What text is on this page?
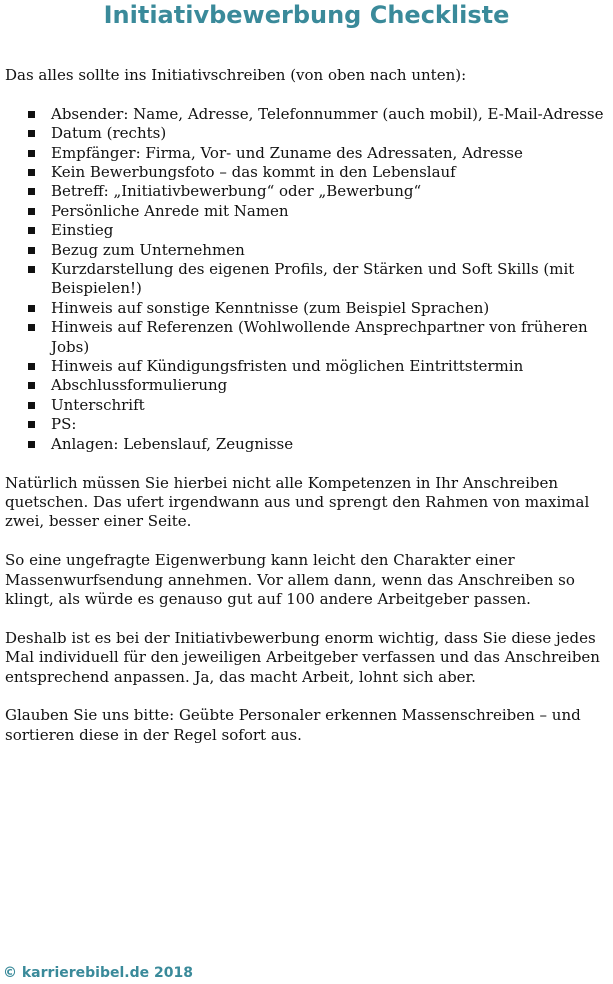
Initiativbewerbung Checkliste

Das alles sollte ins Initiativschreiben (von oben nach unten):

Absender: Name, Adresse, Telefonnummer (auch mobil), E-Mail-Adresse
Datum (rechts)
Empfänger: Firma, Vor- und Zuname des Adressaten, Adresse
Kein Bewerbungsfoto – das kommt in den Lebenslauf
Betreff: „Initiativbewerbung“ oder „Bewerbung“
Persönliche Anrede mit Namen
Einstieg
Bezug zum Unternehmen
Kurzdarstellung des eigenen Profils, der Stärken und Soft Skills (mit Beispielen!)
Hinweis auf sonstige Kenntnisse (zum Beispiel Sprachen)
Hinweis auf Referenzen (Wohlwollende Ansprechpartner von früheren Jobs)
Hinweis auf Kündigungsfristen und möglichen Eintrittstermin
Abschlussformulierung
Unterschrift
PS:
Anlagen: Lebenslauf, Zeugnisse

Natürlich müssen Sie hierbei nicht alle Kompetenzen in Ihr Anschreiben quetschen. Das ufert irgendwann aus und sprengt den Rahmen von maximal zwei, besser einer Seite.

So eine ungefragte Eigenwerbung kann leicht den Charakter einer Massenwurfsendung annehmen. Vor allem dann, wenn das Anschreiben so klingt, als würde es genauso gut auf 100 andere Arbeitgeber passen.

Deshalb ist es bei der Initiativbewerbung enorm wichtig, dass Sie diese jedes Mal individuell für den jeweiligen Arbeitgeber verfassen und das Anschreiben entsprechend anpassen. Ja, das macht Arbeit, lohnt sich aber.

Glauben Sie uns bitte: Geübte Personaler erkennen Massenschreiben – und sortieren diese in der Regel sofort aus.

© karrierebibel.de 2018
